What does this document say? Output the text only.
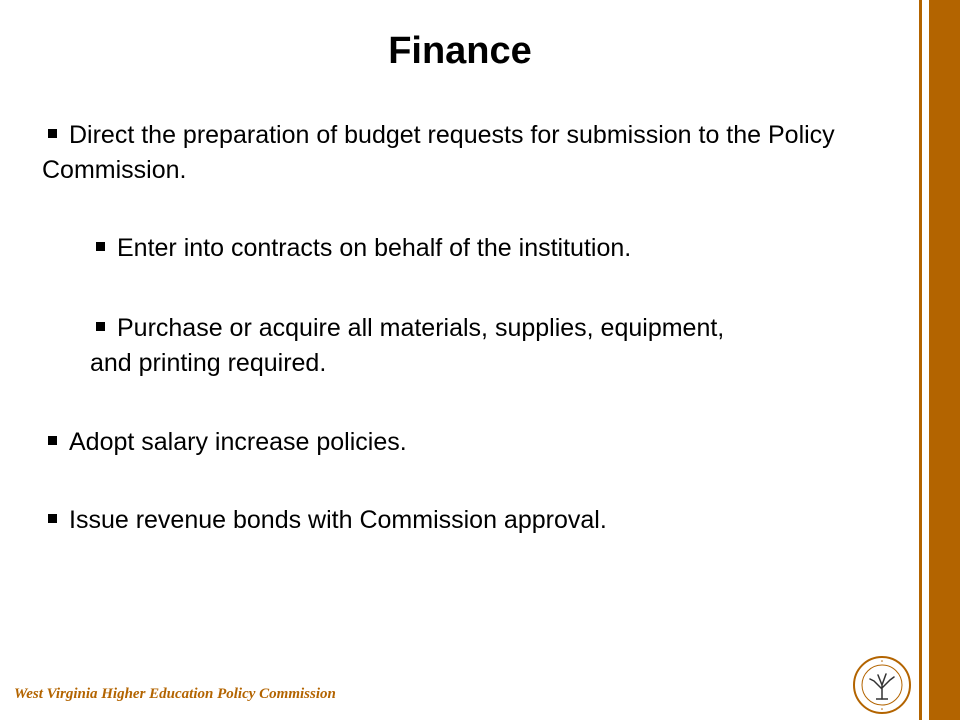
Finance

Direct the preparation of budget requests for submission to the Policy Commission.

Enter into contracts on behalf of the institution.

Purchase or acquire all materials, supplies, equipment, and printing required.

Adopt salary increase policies.

Issue revenue bonds with Commission approval.

West Virginia Higher Education Policy Commission
